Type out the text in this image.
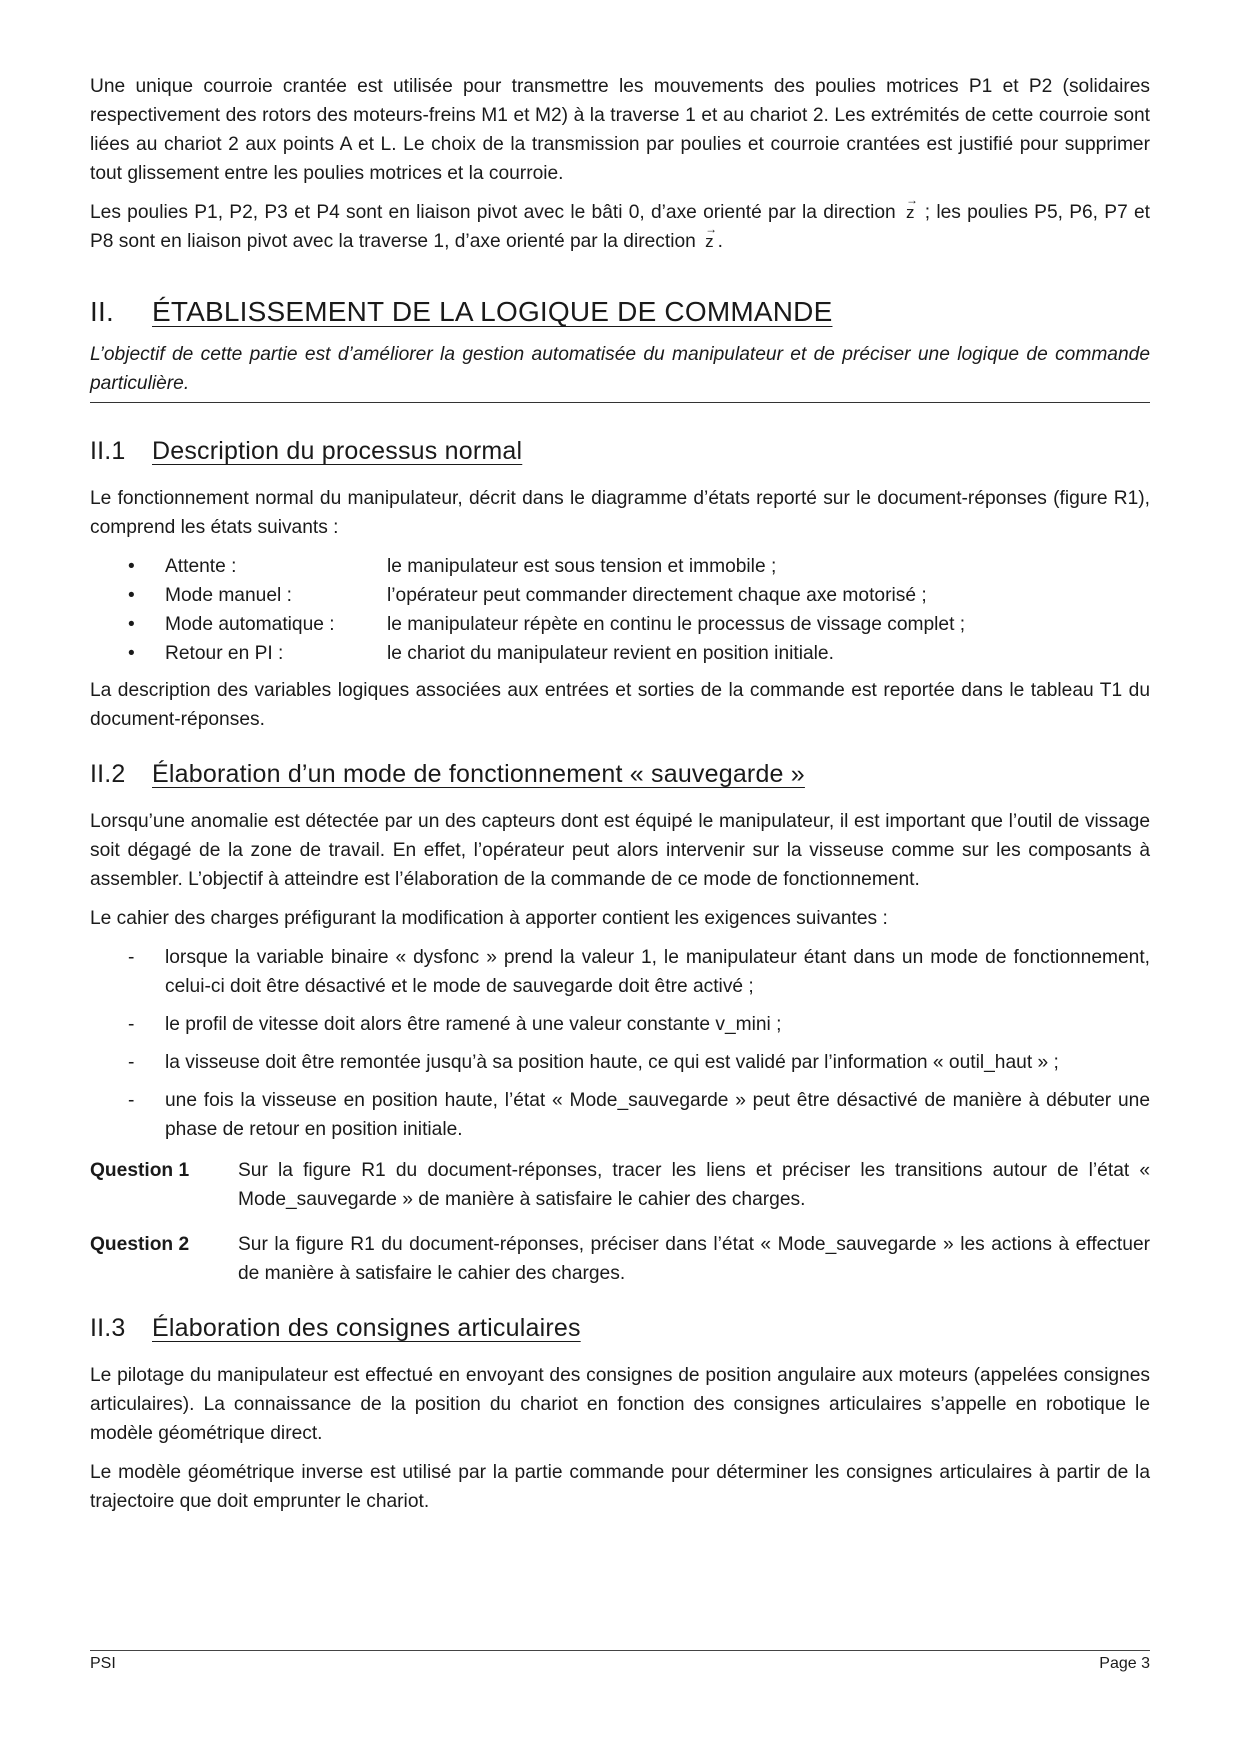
Une unique courroie crantée est utilisée pour transmettre les mouvements des poulies motrices P1 et P2 (solidaires respectivement des rotors des moteurs-freins M1 et M2) à la traverse 1 et au chariot 2. Les extrémités de cette courroie sont liées au chariot 2 aux points A et L. Le choix de la transmission par poulies et courroie crantées est justifié pour supprimer tout glissement entre les poulies motrices et la courroie.

Les poulies P1, P2, P3 et P4 sont en liaison pivot avec le bâti 0, d’axe orienté par la direction → z ; les poulies P5, P6, P7 et P8 sont en liaison pivot avec la traverse 1, d’axe orienté par la direction → z .

II. ÉTABLISSEMENT DE LA LOGIQUE DE COMMANDE

L’objectif de cette partie est d’améliorer la gestion automatisée du manipulateur et de préciser une logique de commande particulière.

II.1 Description du processus normal

Le fonctionnement normal du manipulateur, décrit dans le diagramme d’états reporté sur le document-réponses (figure R1), comprend les états suivants :

•	Attente :	le manipulateur est sous tension et immobile ;
•	Mode manuel :	l’opérateur peut commander directement chaque axe motorisé ;
•	Mode automatique :	le manipulateur répète en continu le processus de vissage complet ;
•	Retour en PI :	le chariot du manipulateur revient en position initiale.

La description des variables logiques associées aux entrées et sorties de la commande est reportée dans le tableau T1 du document-réponses.

II.2 Élaboration d’un mode de fonctionnement « sauvegarde »

Lorsqu’une anomalie est détectée par un des capteurs dont est équipé le manipulateur, il est important que l’outil de vissage soit dégagé de la zone de travail. En effet, l’opérateur peut alors intervenir sur la visseuse comme sur les composants à assembler. L’objectif à atteindre est l’élaboration de la commande de ce mode de fonctionnement.

Le cahier des charges préfigurant la modification à apporter contient les exigences suivantes :

-	lorsque la variable binaire « dysfonc » prend la valeur 1, le manipulateur étant dans un mode de fonctionnement, celui-ci doit être désactivé et le mode de sauvegarde doit être activé ;

-	le profil de vitesse doit alors être ramené à une valeur constante v_mini ;

-	la visseuse doit être remontée jusqu’à sa position haute, ce qui est validé par l’information « outil_haut » ;

-	une fois la visseuse en position haute, l’état « Mode_sauvegarde » peut être désactivé de manière à débuter une phase de retour en position initiale.

Question 1	Sur la figure R1 du document-réponses, tracer les liens et préciser les transitions autour de l’état « Mode_sauvegarde » de manière à satisfaire le cahier des charges.

Question 2	Sur la figure R1 du document-réponses, préciser dans l’état « Mode_sauvegarde » les actions à effectuer de manière à satisfaire le cahier des charges.

II.3 Élaboration des consignes articulaires

Le pilotage du manipulateur est effectué en envoyant des consignes de position angulaire aux moteurs (appelées consignes articulaires). La connaissance de la position du chariot en fonction des consignes articulaires s’appelle en robotique le modèle géométrique direct.

Le modèle géométrique inverse est utilisé par la partie commande pour déterminer les consignes articulaires à partir de la trajectoire que doit emprunter le chariot.

PSI	Page 3
